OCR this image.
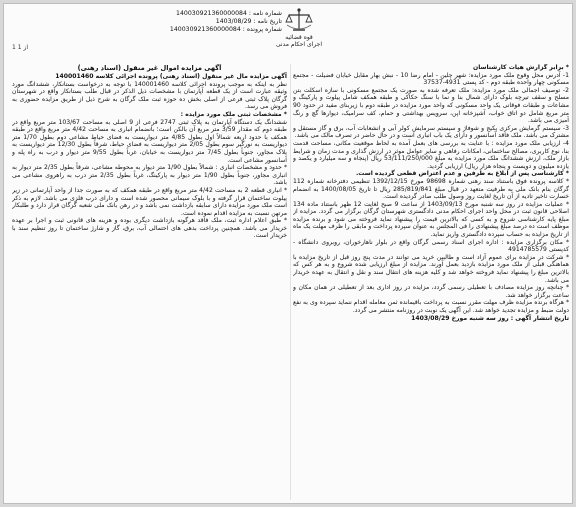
شماره نامه : 140030921360000084
تاریخ نامه : 1403/08/29
شماره پرونده : 140030921360000084
قوه قضائیه
اجرای احکام مدنی
1 از 1

* برابر گزارش هیات کارشناسان

1- آدرس محل وقوع ملک مورد مزایده: شهر چلین - امام رضا 10 - نبش بهار مقابل خیابان فضیلت - مجتمع مسکونی چهار واحده طبقه دوم - کد پستی 4931-37537

2- توصیف اجمالی ملک مورد مزایده: ملک تعرفه شده به صورت یک مجتمع مسکونی با سازه اسکلت بتن مسلح و سقف تیرچه بلوک دارای شمال بنا و نما با سنگ حکاکی و طبقه همکف شامل پیلوت و پارکینگ و مشاعات و طبقات فوقانی یک واحد مسکونی که واحد مورد مزایده در طبقه دوم با زیربنای مفید در حدود 90 متر مربع شامل دو اتاق خواب، آشپزخانه اپن، سرویس بهداشتی و حمام، کف سرامیک، دیوارها گچ و رنگ آمیزی می باشد.

3- سیستم گرمایش مرکزی پکیج و شوفاژ و سیستم سرمایش کولر آبی و انشعابات آب، برق و گاز مستقل و مشترک می باشد. ملک فاقد آسانسور و دارای یک باب انباری است و در حال حاضر در تصرف مالک می باشد.

4- ارزیابی ملک مورد مزایده : با عنایت به بررسی های بعمل آمده به لحاظ موقعیت مکانی، مساحت قدمت بنا، نوع کاربری، مصالح ساختمانی، امکانات رفاهی و سایر عوامل موثر در ارزش گذاری و مدت زمان و شرایط بازار ملک، ارزش ششدانگ ملک مورد مزایده به مبلغ 53/111/250/000 ریال (پنجاه و سه میلیارد و یکصد و یازده میلیون و دویست و پنجاه هزار ریال) ارزیابی گردید.

* کارشناسی پس از ابلاغ به طرفین و عدم اعتراض قطعی گردیده است.

* کلاسه پرونده فوق باستناد سند رهنی شماره 98698 مورخ 1392/12/15 تنظیمی دفترخانه شماره 112 گرگان بنام بانک ملی به طرفیت متعهد در قبال مبلغ 285/819/841 ریال تا تاریخ 1400/08/05 به انضمام خسارت تاخیر تادیه از آن تاریخ لغایت روز وصول طلب صادر گردیده است.

* عملیات مزایده در روز سه شنبه مورخ 1403/09/13 از ساعت 9 صبح لغایت 12 ظهر باستناد ماده 134 اصلاحی قانون ثبت در محل واحد اجرای احکام مدنی دادگستری شهرستان گرگان برگزار می گردد. مزایده از مبلغ پایه کارشناسی شروع و به کسی که بالاترین قیمت را پیشنهاد نماید فروخته می شود و برنده مزایده موظف است ده درصد مبلغ پیشنهادی را فی المجلس به عنوان سپرده پرداخت و مابقی را ظرف مهلت یک ماه از تاریخ مزایده به حساب سپرده دادگستری واریز نماید.

* مکان برگزاری مزایده : اداره اجرای اسناد رسمی گرگان واقع در بلوار ناهارخوران، روبروی دانشگاه - کدپستی 4914785579

* شرکت در مزایده برای عموم آزاد است و طالبین خرید می توانند در مدت پنج روز قبل از تاریخ مزایده با هماهنگی قبلی از ملک مورد مزایده بازدید بعمل آورند. مزایده از مبلغ ارزیابی شده شروع و به هر کس که بالاترین مبلغ را پیشنهاد نماید فروخته خواهد شد و کلیه هزینه های انتقال سند و نقل و انتقال به عهده خریدار می باشد.

* چنانچه روز مزایده مصادف با تعطیلی رسمی گردد، مزایده در روز اداری بعد از تعطیلی در همان مکان و ساعت برگزار خواهد شد.

* هرگاه برنده مزایده ظرف مهلت مقرر نسبت به پرداخت باقیمانده ثمن معامله اقدام ننماید سپرده وی به نفع دولت ضبط و مزایده تجدید خواهد شد. این آگهی یک نوبت در روزنامه منتشر می گردد.

تاریخ انتشار آگهی : روز سه شنبه مورخ 1403/08/29

آگهی مزایده اموال غیر منقول (اسناد رهنی)

آگهی مزایده مال غیر منقول (اسناد رهنی) پرونده اجرائی کلاسه 140001460

نظر به اینکه به موجب پرونده اجرائی کلاسه 140001460 با توجه به درخواست بستانکار، ششدانگ مورد وثیقه عبارت است از یک قطعه آپارتمان با مشخصات ذیل الذکر در قبال طلب بستانکار واقع در شهرستان گرگان پلاک ثبتی فرعی از اصلی بخش ده حوزه ثبت ملک گرگان به شرح ذیل از طریق مزایده حضوری به فروش می رسد.

* مشخصات ثبتی ملک مورد مزایده :

ششدانگ یک دستگاه آپارتمان به پلاک ثبتی 2747 فرعی از 9 اصلی به مساحت 103/67 متر مربع واقع در طبقه دوم که مقدار 3/59 متر مربع آن بالکن است؛ بانضمام انباری به مساحت 4/42 متر مربع واقع در طبقه همکف با حدود اربعه شمالاً اول بطول 4/85 متر دیواریست به فضای حیاط مشاعی دوم بطول 1/70 متر دیواریست به نورگیر سوم بطول 2/05 متر دیواریست به فضای حیاط، شرقاً بطول 12/30 متر دیواریست به پلاک مجاور، جنوباً بطول 7/45 متر دیواریست به خیابان، غرباً بطول 9/55 متر دیوار و درب به راه پله و آسانسور مشاعی است.

* حدود و مشخصات انباری : شمالاً بطول 1/90 متر دیوار به محوطه مشاعی، شرقاً بطول 2/35 متر دیوار به انباری مجاور، جنوباً بطول 1/90 متر دیوار به پارکینگ، غرباً بطول 2/35 متر درب به راهروی مشاعی می باشد.

* انباری قطعه 2 به مساحت 4/42 متر مربع واقع در طبقه همکف که به صورت جدا از واحد آپارتمانی در زیر پیلوت ساختمان قرار گرفته و با بلوک سیمانی محصور شده است و دارای درب فلزی می باشد. لازم به ذکر است ملک مورد مزایده دارای سابقه بازداشت نمی باشد و در رهن بانک ملی شعبه گرگان قرار دارد و طلبکار مرتهن نسبت به مزایده اقدام نموده است.

* طبق اعلام اداره ثبت، ملک فاقد هرگونه بازداشت دیگری بوده و هزینه های قانونی ثبت و اجرا بر عهده خریدار می باشد. همچنین پرداخت بدهی های احتمالی آب، برق، گاز و شارژ ساختمان تا روز تنظیم سند با خریدار است.
